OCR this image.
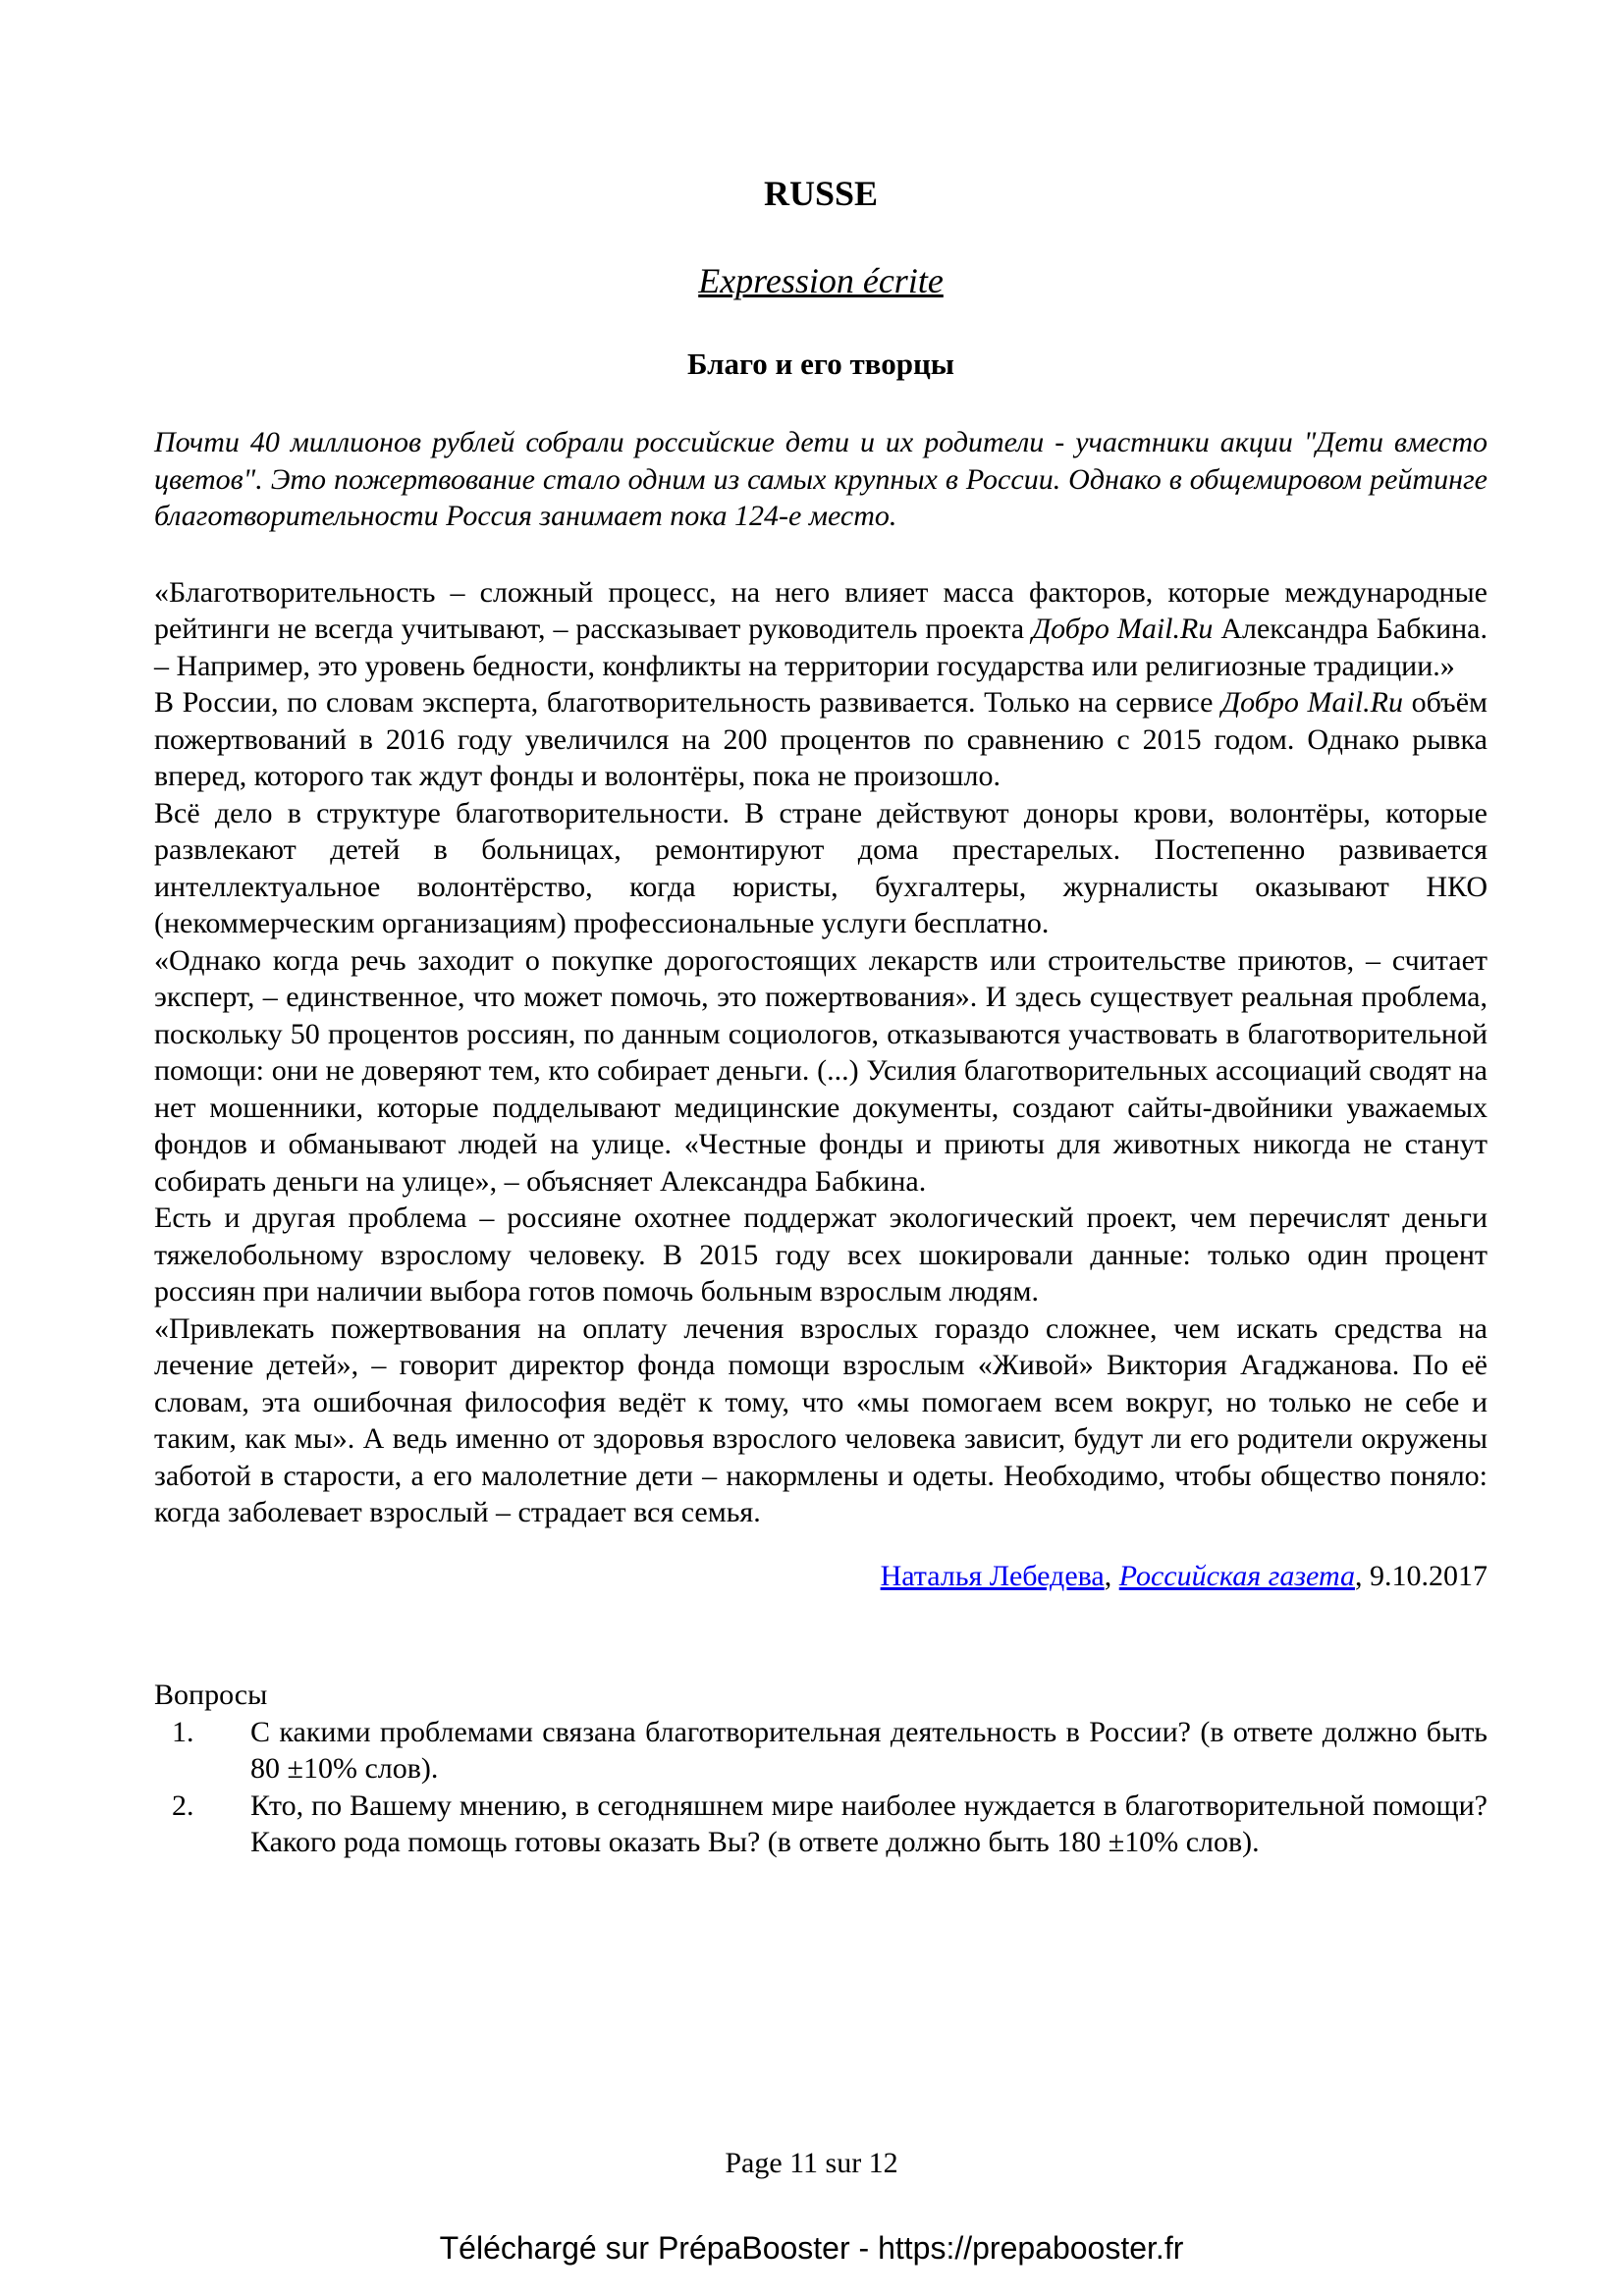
RUSSE
Expression écrite
Благо и его творцы

Почти 40 миллионов рублей собрали российские дети и их родители - участники акции "Дети вместо цветов". Это пожертвование стало одним из самых крупных в России. Однако в общемировом рейтинге благотворительности Россия занимает пока 124-е место.

«Благотворительность – сложный процесс, на него влияет масса факторов, которые международные рейтинги не всегда учитывают, – рассказывает руководитель проекта Добро Mail.Ru Александра Бабкина. – Например, это уровень бедности, конфликты на территории государства или религиозные традиции.»

В России, по словам эксперта, благотворительность развивается. Только на сервисе Добро Mail.Ru объём пожертвований в 2016 году увеличился на 200 процентов по сравнению с 2015 годом. Однако рывка вперед, которого так ждут фонды и волонтёры, пока не произошло.

Всё дело в структуре благотворительности. В стране действуют доноры крови, волонтёры, которые развлекают детей в больницах, ремонтируют дома престарелых. Постепенно развивается интеллектуальное волонтёрство, когда юристы, бухгалтеры, журналисты оказывают НКО (некоммерческим организациям) профессиональные услуги бесплатно.

«Однако когда речь заходит о покупке дорогостоящих лекарств или строительстве приютов, – считает эксперт, – единственное, что может помочь, это пожертвования». И здесь существует реальная проблема, поскольку 50 процентов россиян, по данным социологов, отказываются участвовать в благотворительной помощи: они не доверяют тем, кто собирает деньги. (...) Усилия благотворительных ассоциаций сводят на нет мошенники, которые подделывают медицинские документы, создают сайты-двойники уважаемых фондов и обманывают людей на улице. «Честные фонды и приюты для животных никогда не станут собирать деньги на улице», – объясняет Александра Бабкина.

Есть и другая проблема – россияне охотнее поддержат экологический проект, чем перечислят деньги тяжелобольному взрослому человеку. В 2015 году всех шокировали данные: только один процент россиян при наличии выбора готов помочь больным взрослым людям.

«Привлекать пожертвования на оплату лечения взрослых гораздо сложнее, чем искать средства на лечение детей», – говорит директор фонда помощи взрослым «Живой» Виктория Агаджанова. По её словам, эта ошибочная философия ведёт к тому, что «мы помогаем всем вокруг, но только не себе и таким, как мы». А ведь именно от здоровья взрослого человека зависит, будут ли его родители окружены заботой в старости, а его малолетние дети – накормлены и одеты. Необходимо, чтобы общество поняло: когда заболевает взрослый – страдает вся семья.

Наталья Лебедева, Российская газета, 9.10.2017

Вопросы

1. С какими проблемами связана благотворительная деятельность в России? (в ответе должно быть 80 ±10% слов).
2. Кто, по Вашему мнению, в сегодняшнем мире наиболее нуждается в благотворительной помощи? Какого рода помощь готовы оказать Вы? (в ответе должно быть 180 ±10% слов).
Page 11 sur 12
Téléchargé sur PrépaBooster - https://prepabooster.fr
